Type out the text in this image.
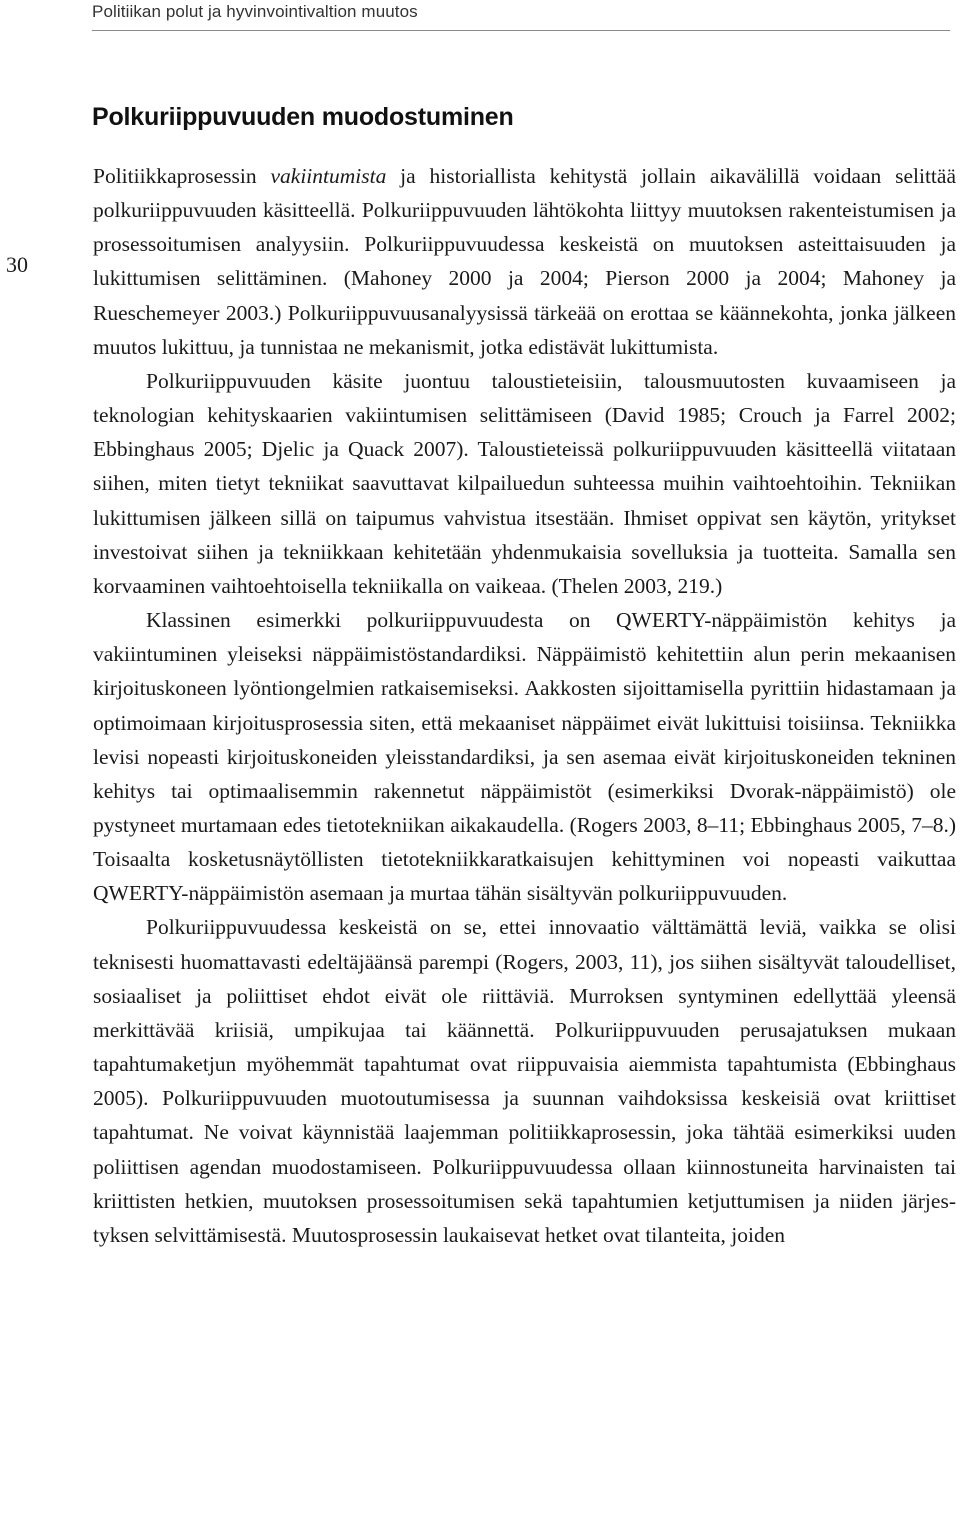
Politiikan polut ja hyvinvointivaltion muutos
30
Polkuriippuvuuden muodostuminen

Politiikkaprosessin vakiintumista ja historiallista kehitystä jollain aikavälillä voidaan selittää polkuriippuvuuden käsitteellä. Polkuriippuvuuden lähtökohta liittyy muutoksen rakenteistumisen ja prosessoitumisen analyysiin. Polkuriippuvuudessa keskeistä on muutoksen asteittaisuuden ja lukittumisen selittäminen. (Mahoney 2000 ja 2004; Pierson 2000 ja 2004; Mahoney ja Rueschemeyer 2003.) Polkuriippuvuusanalyysissä tärkeää on erottaa se käännekohta, jonka jälkeen muutos lukittuu, ja tunnistaa ne mekanismit, jotka edistävät lukittumista.

Polkuriippuvuuden käsite juontuu taloustieteisiin, talousmuutosten kuvaamiseen ja teknologian kehityskaarien vakiintumisen selittämiseen (David 1985; Crouch ja Farrel 2002; Ebbinghaus 2005; Djelic ja Quack 2007). Taloustieteissä polkuriippuvuuden käsitteellä viitataan siihen, miten tietyt tekniikat saavuttavat kilpailuedun suhteessa muihin vaihtoehtoihin. Tekniikan lukittumisen jälkeen sillä on taipumus vahvistua itsestään. Ihmiset oppivat sen käytön, yritykset investoivat siihen ja tekniikkaan kehitetään yhdenmukaisia sovelluksia ja tuotteita. Samalla sen korvaaminen vaihtoehtoisella tekniikalla on vaikeaa. (Thelen 2003, 219.)

Klassinen esimerkki polkuriippuvuudesta on QWERTY-näppäimistön kehitys ja vakiintuminen yleiseksi näppäimistöstandardiksi. Näppäimistö kehitettiin alun perin mekaanisen kirjoituskoneen lyöntiongelmien ratkaisemiseksi. Aakkosten sijoittamisella pyrittiin hidastamaan ja optimoimaan kirjoitusprosessia siten, että mekaaniset näppäimet eivät lukittuisi toisiinsa. Tekniikka levisi nopeasti kirjoituskoneiden yleisstandardiksi, ja sen asemaa eivät kirjoituskoneiden tekninen kehitys tai optimaalisemmin rakennetut näppäimistöt (esimerkiksi Dvorak-näppäimistö) ole pystyneet murtamaan edes tietotekniikan aikakaudella. (Rogers 2003, 8–11; Ebbinghaus 2005, 7–8.) Toisaalta kosketusnäytöllisten tietotekniikkaratkaisujen kehittyminen voi nopeasti vaikuttaa QWERTY-näppäimistön asemaan ja murtaa tähän sisältyvän polkuriippuvuuden.

Polkuriippuvuudessa keskeistä on se, ettei innovaatio välttämättä leviä, vaikka se olisi teknisesti huomattavasti edeltäjäänsä parempi (Rogers, 2003, 11), jos siihen sisältyvät taloudelliset, sosiaaliset ja poliittiset ehdot eivät ole riittäviä. Murroksen syntyminen edellyttää yleensä merkittävää kriisiä, umpikujaa tai käännettä. Polkuriippuvuuden perusajatuksen mukaan tapahtumaketjun myöhemmät tapahtumat ovat riippuvaisia aiemmista tapahtumista (Ebbinghaus 2005). Polkuriippuvuuden muotoutumisessa ja suunnan vaihdoksissa keskeisiä ovat kriittiset tapahtumat. Ne voivat käynnistää laajemman politiikkaprosessin, joka tähtää esimerkiksi uuden poliittisen agendan muodostamiseen. Polkuriippuvuudessa ollaan kiinnostuneita harvinaisten tai kriittisten hetkien, muutoksen prosessoitumisen sekä tapahtumien ketjuttumisen ja niiden järjestyksen selvittämisestä. Muutosprosessin laukaisevat hetket ovat tilanteita, joiden
